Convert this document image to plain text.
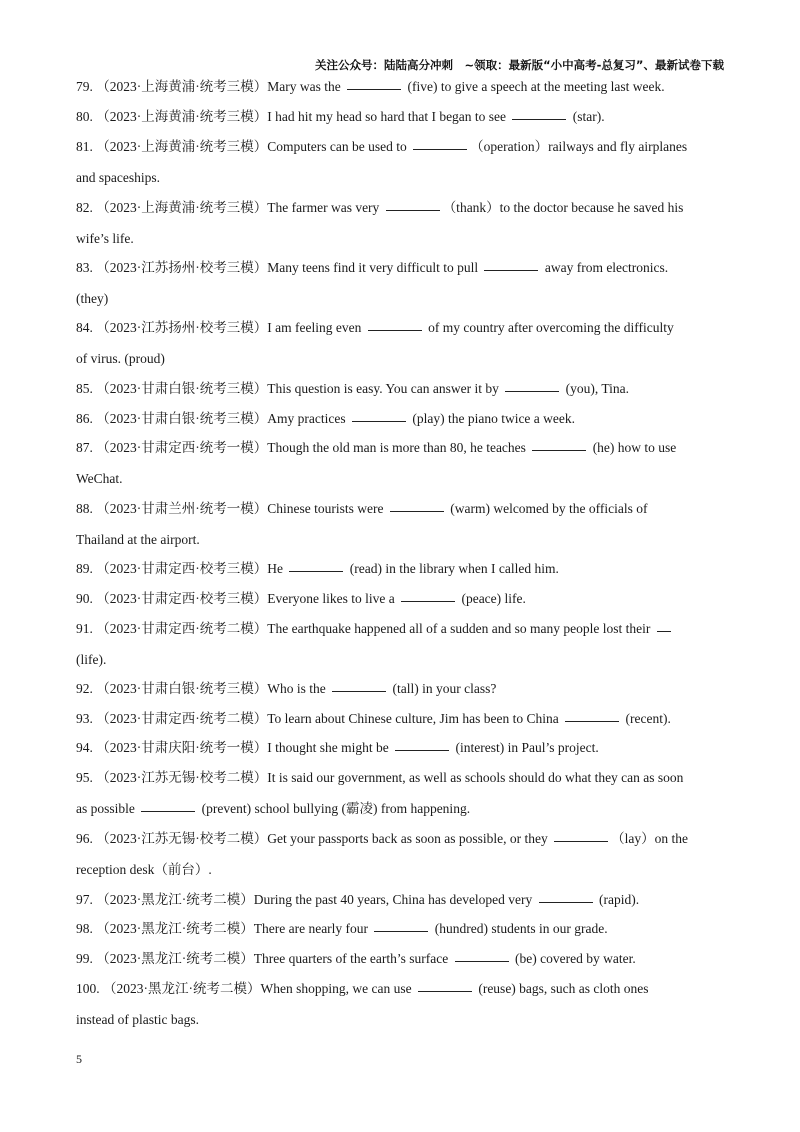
关注公众号：陆陆高分冲刺　~领取：最新版“小中高考-总复习”、最新试卷下载
79. （2023·上海黄浦·统考三模）Mary was the	(five) to give a speech at the meeting last week.
80. （2023·上海黄浦·统考三模）I had hit my head so hard that I began to see	(star).
81. （2023·上海黄浦·统考三模）Computers can be used to	（operation）railways and fly airplanes
and spaceships.
82. （2023·上海黄浦·统考三模）The farmer was very	（thank）to the doctor because he saved his
wife’s life.
83. （2023·江苏扬州·校考三模）Many teens find it very difficult to pull	away from electronics.
(they)
84. （2023·江苏扬州·校考三模）I am feeling even	of my country after overcoming the difficulty
of virus. (proud)
85. （2023·甘肃白银·统考三模）This question is easy. You can answer it by	(you), Tina.
86. （2023·甘肃白银·统考三模）Amy practices	(play) the piano twice a week.
87. （2023·甘肃定西·统考一模）Though the old man is more than 80, he teaches	(he) how to use
WeChat.
88. （2023·甘肃兰州·统考一模）Chinese tourists were	(warm) welcomed by the officials of
Thailand at the airport.
89. （2023·甘肃定西·校考三模）He	(read) in the library when I called him.
90. （2023·甘肃定西·校考三模）Everyone likes to live a	(peace) life.
91. （2023·甘肃定西·统考二模）The earthquake happened all of a sudden and so many people lost their
(life).
92. （2023·甘肃白银·统考三模）Who is the	(tall) in your class?
93. （2023·甘肃定西·统考二模）To learn about Chinese culture, Jim has been to China	(recent).
94. （2023·甘肃庆阳·统考一模）I thought she might be	(interest) in Paul’s project.
95. （2023·江苏无锡·校考二模）It is said our government, as well as schools should do what they can as soon
as possible	(prevent) school bullying (霸凌) from happening.
96. （2023·江苏无锡·校考二模）Get your passports back as soon as possible, or they	（lay）on the
reception desk（前台）.
97. （2023·黑龙江·统考二模）During the past 40 years, China has developed very	(rapid).
98. （2023·黑龙江·统考二模）There are nearly four	(hundred) students in our grade.
99. （2023·黑龙江·统考二模）Three quarters of the earth’s surface	(be) covered by water.
100. （2023·黑龙江·统考二模）When shopping, we can use	(reuse) bags, such as cloth ones
instead of plastic bags.
5
